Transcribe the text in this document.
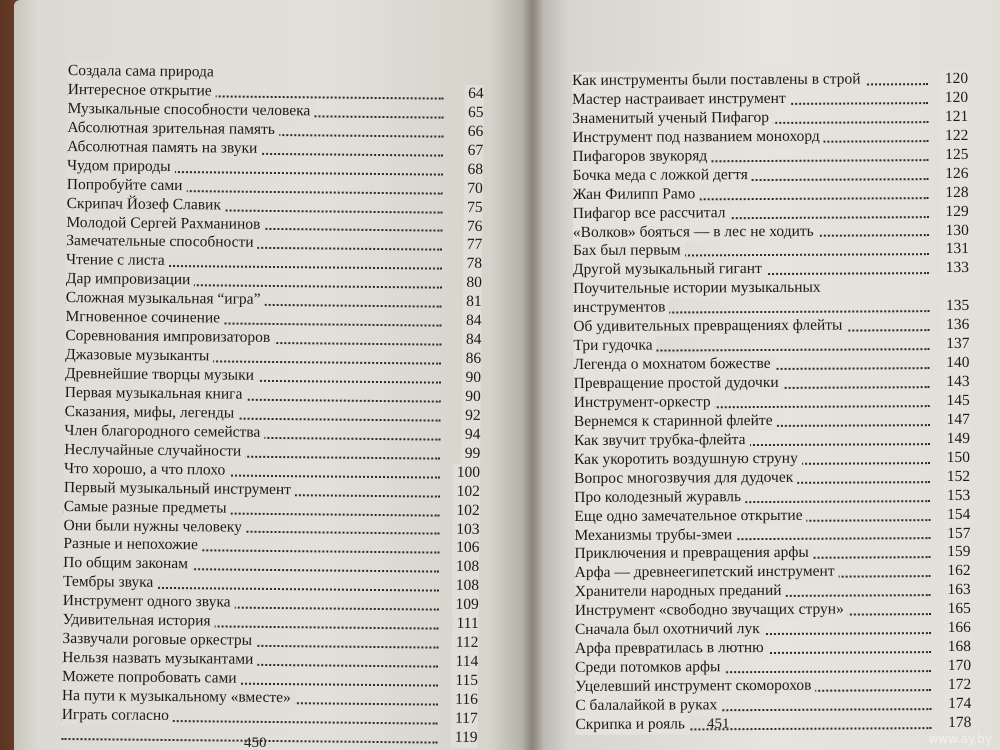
Создала сама природа
Интересное открытие	64
Музыкальные способности человека	65
Абсолютная зрительная память	66
Абсолютная память на звуки	67
Чудом природы	68
Попробуйте сами	70
Скрипач Йозеф Славик	75
Молодой Сергей Рахманинов	76
Замечательные способности	77
Чтение с листа	78
Дар импровизации	80
Сложная музыкальная “игра”	81
Мгновенное сочинение	84
Соревнования импровизаторов	84
Джазовые музыканты	86
Древнейшие творцы музыки	90
Первая музыкальная книга	90
Сказания, мифы, легенды	92
Член благородного семейства	94
Неслучайные случайности	99
Что хорошо, а что плохо	100
Первый музыкальный инструмент	102
Самые разные предметы	102
Они были нужны человеку	103
Разные и непохожие	106
По общим законам	108
Тембры звука	108
Инструмент одного звука	109
Удивительная история	111
Зазвучали роговые оркестры	112
Нельзя назвать музыкантами	114
Можете попробовать сами	115
На пути к музыкальному «вместе»	116
Играть согласно	117
119
450
Как инструменты были поставлены в строй	120
Мастер настраивает инструмент	120
Знаменитый ученый Пифагор	121
Инструмент под названием монохорд	122
Пифагоров звукоряд	125
Бочка меда с ложкой дегтя	126
Жан Филипп Рамо	128
Пифагор все рассчитал	129
«Волков» бояться — в лес не ходить	130
Бах был первым	131
Другой музыкальный гигант	133
Поучительные истории музыкальных
инструментов	135
Об удивительных превращениях флейты	136
Три гудочка	137
Легенда о мохнатом божестве	140
Превращение простой дудочки	143
Инструмент-оркестр	145
Вернемся к старинной флейте	147
Как звучит трубка-флейта	149
Как укоротить воздушную струну	150
Вопрос многозвучия для дудочек	152
Про колодезный журавль	153
Еще одно замечательное открытие	154
Механизмы трубы-змеи	157
Приключения и превращения арфы	159
Арфа — древнеегипетский инструмент	162
Хранители народных преданий	163
Инструмент «свободно звучащих струн»	165
Сначала был охотничий лук	166
Арфа превратилась в лютню	168
Среди потомков арфы	170
Уцелевший инструмент скоморохов	172
С балалайкой в руках	174
Скрипка и рояль	178
451
www.ay.by
